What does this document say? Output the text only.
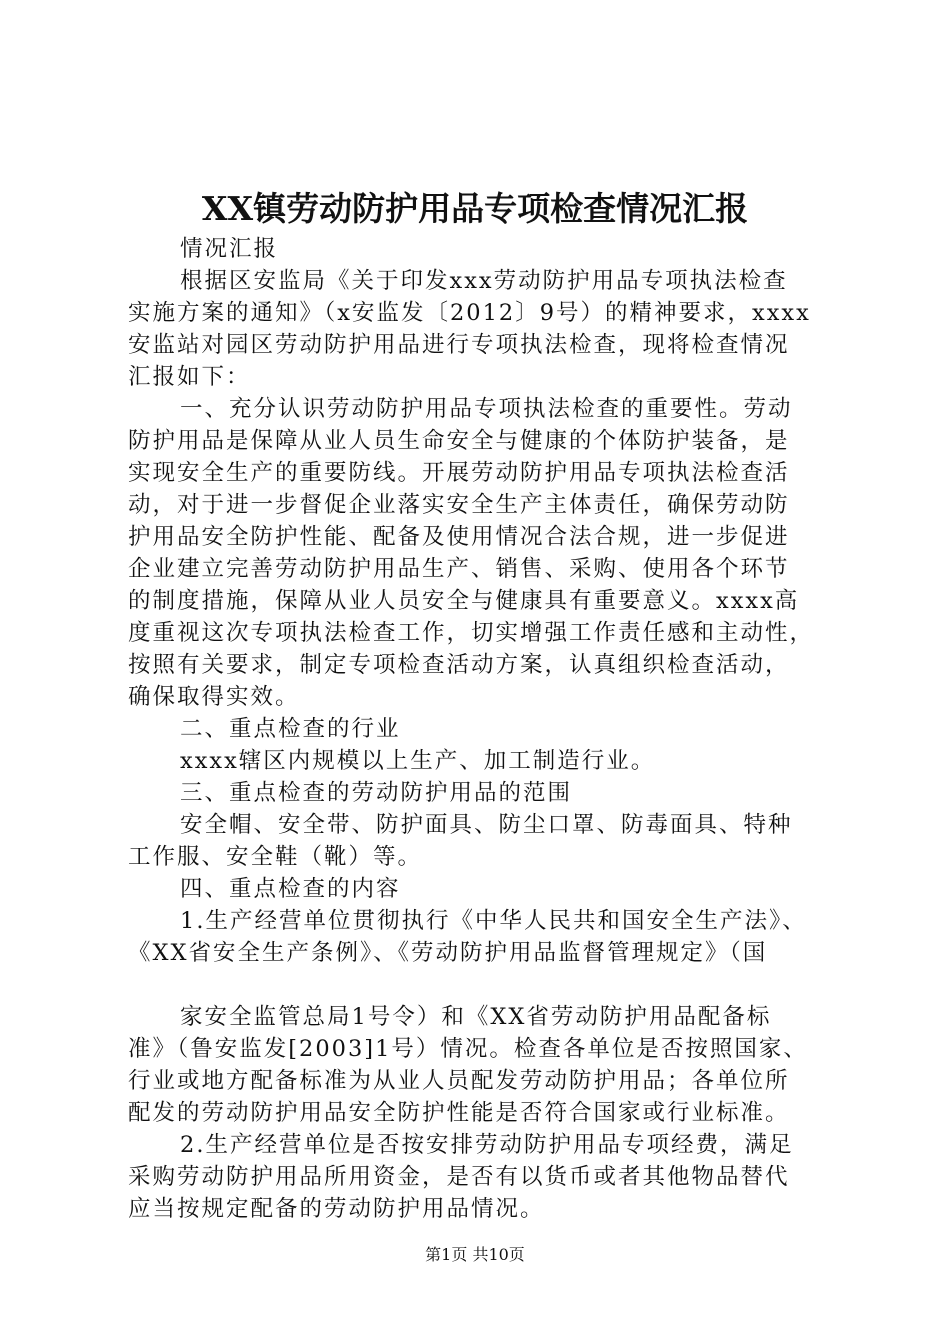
XX镇劳动防护用品专项检查情况汇报
情况汇报
根据区安监局《关于印发xxx劳动防护用品专项执法检查
实施方案的通知》（x安监发〔2012〕9号）的精神要求，xxxx
安监站对园区劳动防护用品进行专项执法检查，现将检查情况
汇报如下：
一、充分认识劳动防护用品专项执法检查的重要性。劳动
防护用品是保障从业人员生命安全与健康的个体防护装备，是
实现安全生产的重要防线。开展劳动防护用品专项执法检查活
动，对于进一步督促企业落实安全生产主体责任，确保劳动防
护用品安全防护性能、配备及使用情况合法合规，进一步促进
企业建立完善劳动防护用品生产、销售、采购、使用各个环节
的制度措施，保障从业人员安全与健康具有重要意义。xxxx高
度重视这次专项执法检查工作，切实增强工作责任感和主动性，
按照有关要求，制定专项检查活动方案，认真组织检查活动，
确保取得实效。
二、重点检查的行业
xxxx辖区内规模以上生产、加工制造行业。
三、重点检查的劳动防护用品的范围
安全帽、安全带、防护面具、防尘口罩、防毒面具、特种
工作服、安全鞋（靴）等。
四、重点检查的内容
1.生产经营单位贯彻执行《中华人民共和国安全生产法》、
《XX省安全生产条例》、《劳动防护用品监督管理规定》（国
家安全监管总局1号令）和《XX省劳动防护用品配备标
准》（鲁安监发[2003]1号）情况。检查各单位是否按照国家、
行业或地方配备标准为从业人员配发劳动防护用品；各单位所
配发的劳动防护用品安全防护性能是否符合国家或行业标准。
2.生产经营单位是否按安排劳动防护用品专项经费，满足
采购劳动防护用品所用资金，是否有以货币或者其他物品替代
应当按规定配备的劳动防护用品情况。
第1页 共10页
